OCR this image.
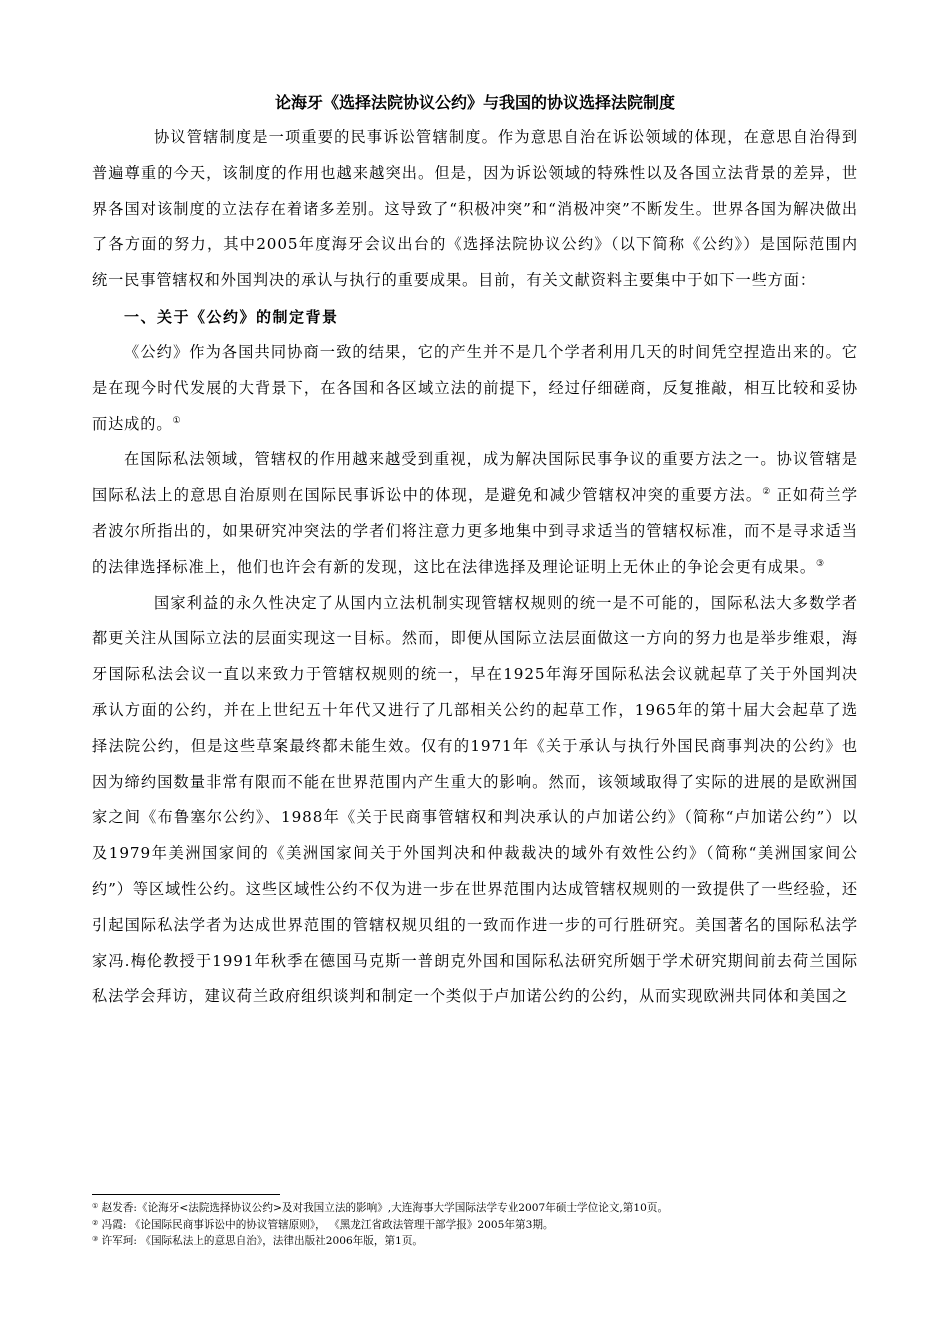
论海牙《选择法院协议公约》与我国的协议选择法院制度

协议管辖制度是一项重要的民事诉讼管辖制度。作为意思自治在诉讼领域的体现，在意思自治得到普遍尊重的今天，该制度的作用也越来越突出。但是，因为诉讼领域的特殊性以及各国立法背景的差异，世界各国对该制度的立法存在着诸多差别。这导致了“积极冲突”和“消极冲突”不断发生。世界各国为解决做出了各方面的努力，其中2005年度海牙会议出台的《选择法院协议公约》（以下简称《公约》）是国际范围内统一民事管辖权和外国判决的承认与执行的重要成果。目前，有关文献资料主要集中于如下一些方面：

一、关于《公约》的制定背景

《公约》作为各国共同协商一致的结果，它的产生并不是几个学者利用几天的时间凭空捏造出来的。它是在现今时代发展的大背景下，在各国和各区域立法的前提下，经过仔细磋商，反复推敲，相互比较和妥协而达成的。①

在国际私法领域，管辖权的作用越来越受到重视，成为解决国际民事争议的重要方法之一。协议管辖是国际私法上的意思自治原则在国际民事诉讼中的体现，是避免和减少管辖权冲突的重要方法。② 正如荷兰学者波尔所指出的，如果研究冲突法的学者们将注意力更多地集中到寻求适当的管辖权标准，而不是寻求适当的法律选择标准上，他们也许会有新的发现，这比在法律选择及理论证明上无休止的争论会更有成果。③

国家利益的永久性决定了从国内立法机制实现管辖权规则的统一是不可能的，国际私法大多数学者都更关注从国际立法的层面实现这一目标。然而，即便从国际立法层面做这一方向的努力也是举步维艰，海牙国际私法会议一直以来致力于管辖权规则的统一，早在1925年海牙国际私法会议就起草了关于外国判决承认方面的公约，并在上世纪五十年代又进行了几部相关公约的起草工作，1965年的第十届大会起草了选择法院公约，但是这些草案最终都未能生效。仅有的1971年《关于承认与执行外国民商事判决的公约》也因为缔约国数量非常有限而不能在世界范围内产生重大的影响。然而，该领域取得了实际的进展的是欧洲国家之间《布鲁塞尔公约》、1988年《关于民商事管辖权和判决承认的卢加诺公约》（简称“卢加诺公约”）以及1979年美洲国家间的《美洲国家间关于外国判决和仲裁裁决的域外有效性公约》（简称“美洲国家间公约”）等区域性公约。这些区域性公约不仅为进一步在世界范围内达成管辖权规则的一致提供了一些经验，还引起国际私法学者为达成世界范围的管辖权规贝组的一致而作进一步的可行胜研究。美国著名的国际私法学家冯.梅伦教授于1991年秋季在德国马克斯一普朗克外国和国际私法研究所姻于学术研究期间前去荷兰国际私法学会拜访，建议荷兰政府组织谈判和制定一个类似于卢加诺公约的公约，从而实现欧洲共同体和美国之

① 赵发香:《论海牙<法院选择协议公约>及对我国立法的影响》,大连海事大学国际法学专业2007年硕士学位论文,第10页。

② 冯霞: 《论国际民商事诉讼中的协议管辖原则》， 《黑龙江省政法管理干部学报》2005年第3期。

③ 许军珂: 《国际私法上的意思自治》，法律出版社2006年版，第1页。
